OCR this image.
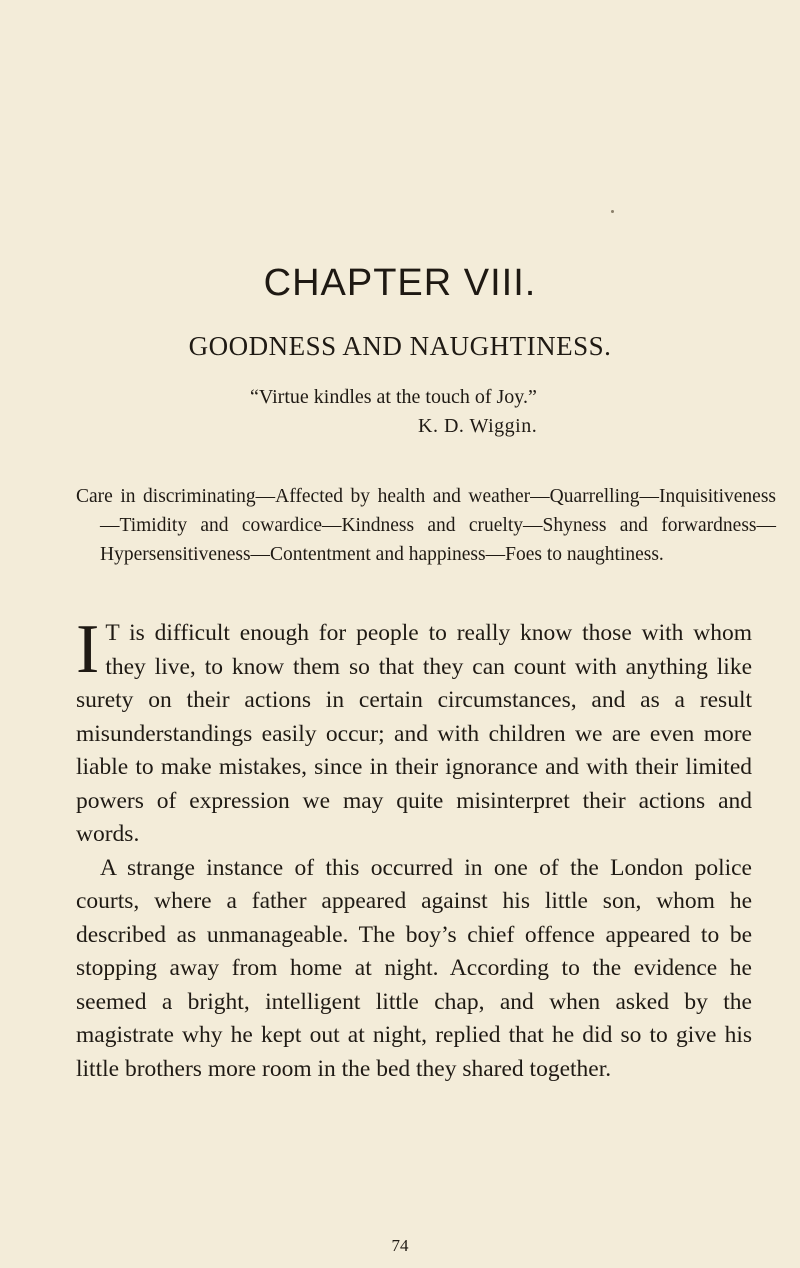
CHAPTER VIII.
GOODNESS AND NAUGHTINESS.
“Virtue kindles at the touch of Joy.”
K. D. Wiggin.
Care in discriminating—Affected by health and weather—Quarrelling—Inquisitiveness—Timidity and cowardice—Kindness and cruelty—Shyness and forwardness—Hypersensitiveness—Contentment and happiness—Foes to naughtiness.

I T is difficult enough for people to really know those with whom they live, to know them so that they can count with anything like surety on their actions in certain circumstances, and as a result misunderstandings easily occur; and with children we are even more liable to make mistakes, since in their ignorance and with their limited powers of expression we may quite misinterpret their actions and words.

A strange instance of this occurred in one of the London police courts, where a father appeared against his little son, whom he described as unmanageable. The boy’s chief offence appeared to be stopping away from home at night. According to the evidence he seemed a bright, intelligent little chap, and when asked by the magistrate why he kept out at night, replied that he did so to give his little brothers more room in the bed they shared together.

74
